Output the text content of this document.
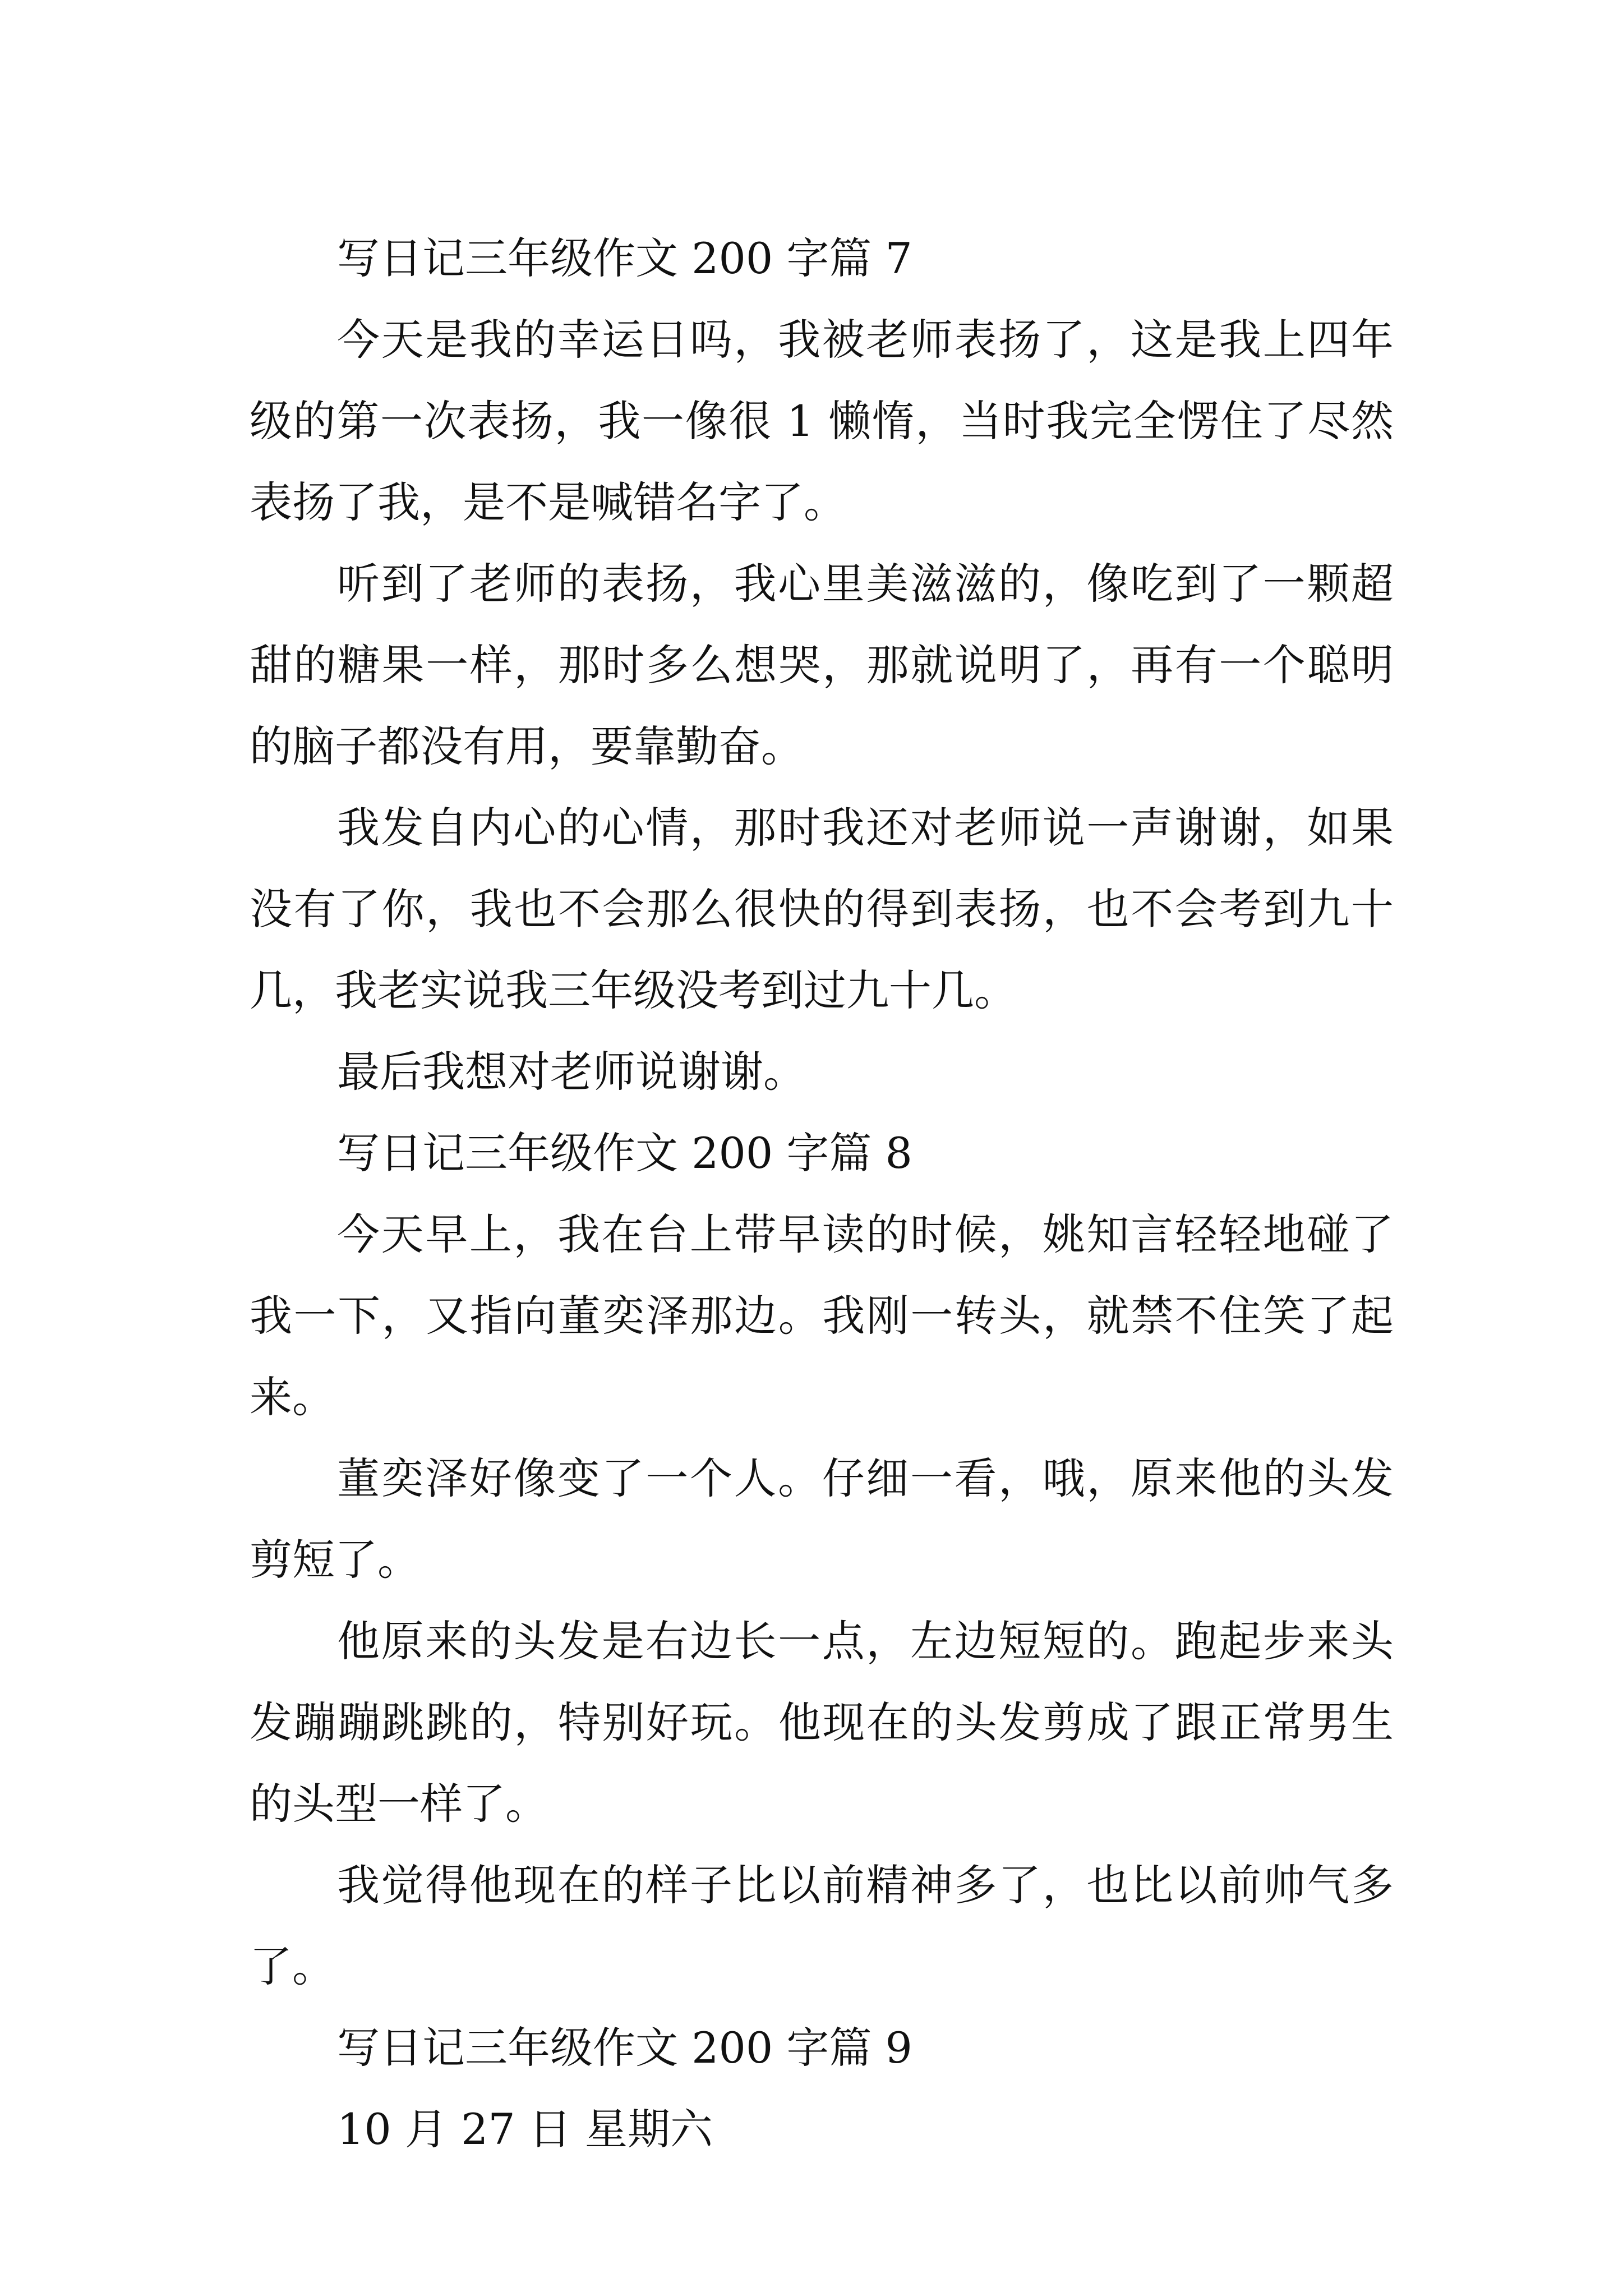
写日记三年级作文 200 字篇 7
今天是我的幸运日吗，我被老师表扬了，这是我上四年
级的第一次表扬，我一像很 1 懒惰，当时我完全愣住了尽然
表扬了我，是不是喊错名字了。
听到了老师的表扬，我心里美滋滋的，像吃到了一颗超
甜的糖果一样，那时多么想哭，那就说明了，再有一个聪明
的脑子都没有用，要靠勤奋。
我发自内心的心情，那时我还对老师说一声谢谢，如果
没有了你，我也不会那么很快的得到表扬，也不会考到九十
几，我老实说我三年级没考到过九十几。
最后我想对老师说谢谢。
写日记三年级作文 200 字篇 8
今天早上，我在台上带早读的时候，姚知言轻轻地碰了
我一下，又指向董奕泽那边。我刚一转头，就禁不住笑了起
来。
董奕泽好像变了一个人。仔细一看，哦，原来他的头发
剪短了。
他原来的头发是右边长一点，左边短短的。跑起步来头
发蹦蹦跳跳的，特别好玩。他现在的头发剪成了跟正常男生
的头型一样了。
我觉得他现在的样子比以前精神多了，也比以前帅气多
了。
写日记三年级作文 200 字篇 9
10 月 27 日 星期六
